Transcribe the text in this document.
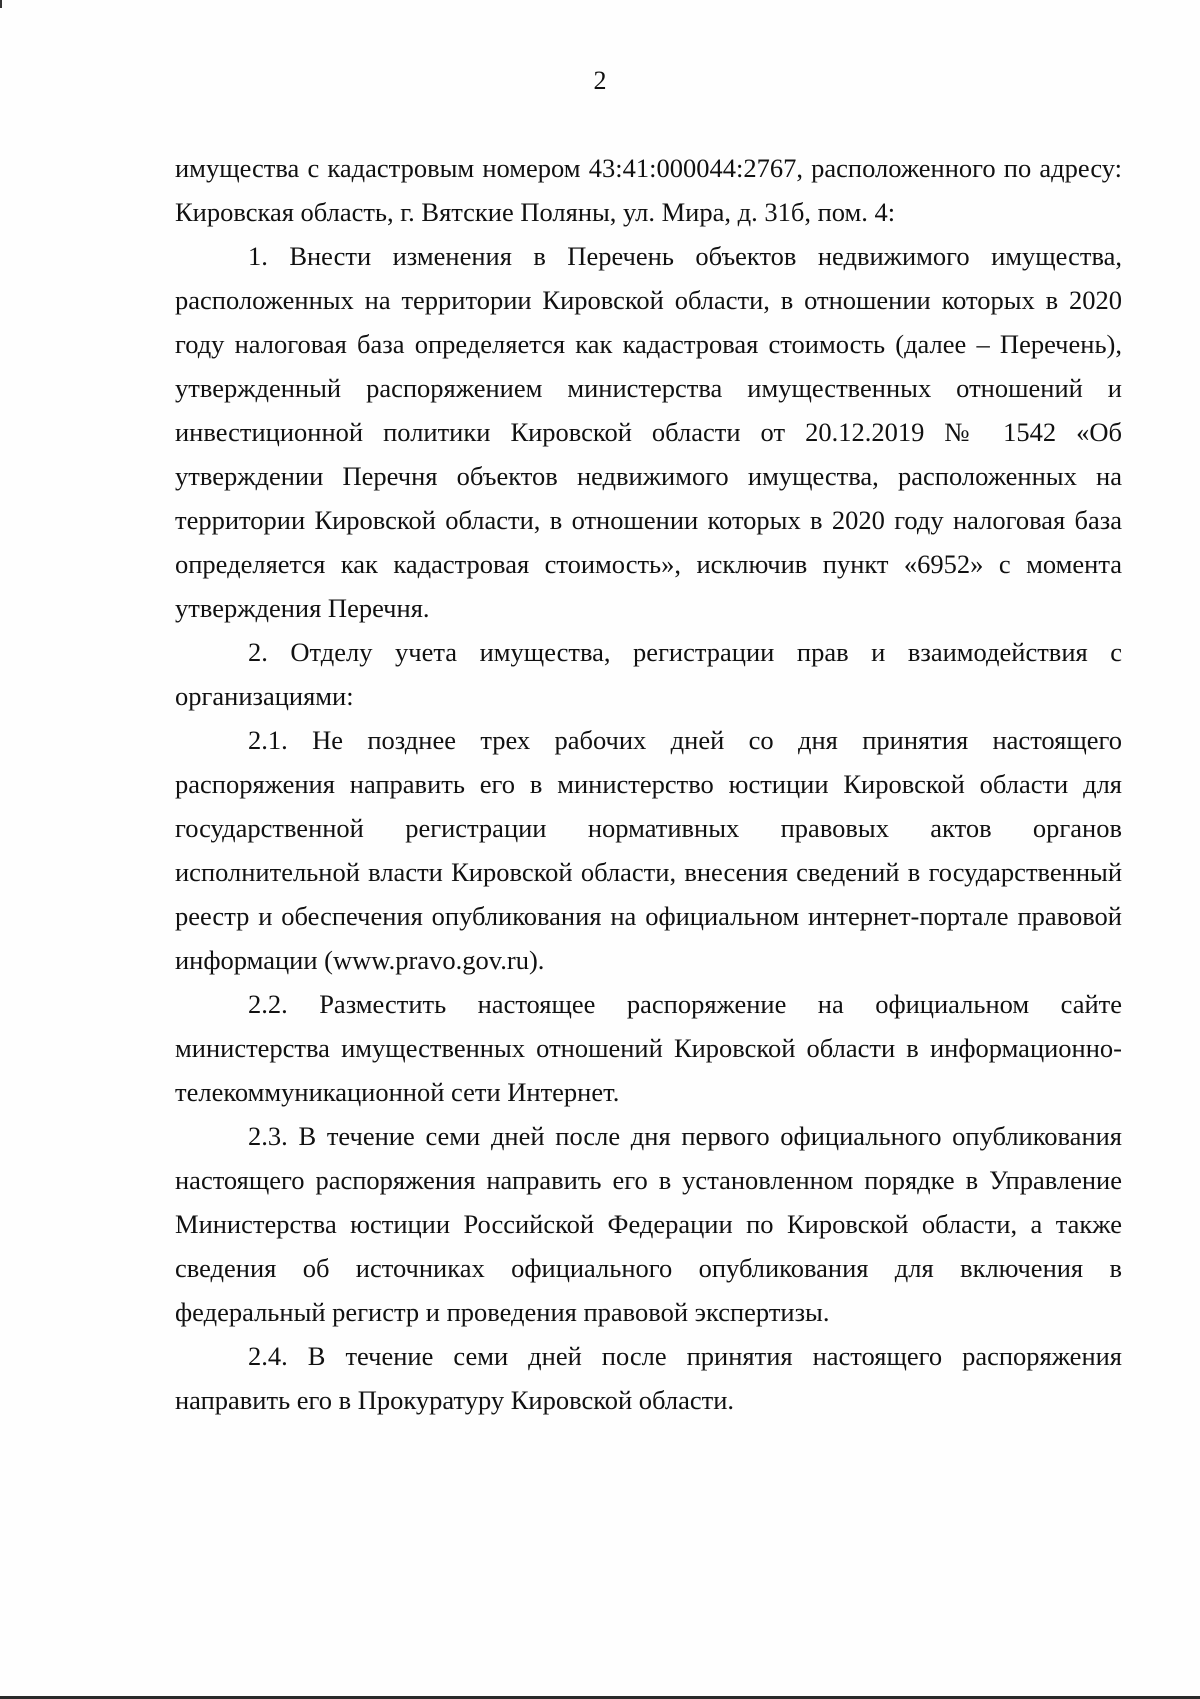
2

имущества с кадастровым номером 43:41:000044:2767, расположенного по адресу: Кировская область, г. Вятские Поляны, ул. Мира, д. 31б, пом. 4:

1. Внести изменения в Перечень объектов недвижимого имущества, расположенных на территории Кировской области, в отношении которых в 2020 году налоговая база определяется как кадастровая стоимость (далее – Перечень), утвержденный распоряжением министерства имущественных отношений и инвестиционной политики Кировской области от 20.12.2019 № 1542 «Об утверждении Перечня объектов недвижимого имущества, расположенных на территории Кировской области, в отношении которых в 2020 году налоговая база определяется как кадастровая стоимость», исключив пункт «6952» с момента утверждения Перечня.

2. Отделу учета имущества, регистрации прав и взаимодействия с организациями:

2.1. Не позднее трех рабочих дней со дня принятия настоящего распоряжения направить его в министерство юстиции Кировской области для государственной регистрации нормативных правовых актов органов исполнительной власти Кировской области, внесения сведений в государственный реестр и обеспечения опубликования на официальном интернет-портале правовой информации (www.pravo.gov.ru).

2.2. Разместить настоящее распоряжение на официальном сайте министерства имущественных отношений Кировской области в информационно-телекоммуникационной сети Интернет.

2.3. В течение семи дней после дня первого официального опубликования настоящего распоряжения направить его в установленном порядке в Управление Министерства юстиции Российской Федерации по Кировской области, а также сведения об источниках официального опубликования для включения в федеральный регистр и проведения правовой экспертизы.

2.4. В течение семи дней после принятия настоящего распоряжения направить его в Прокуратуру Кировской области.
